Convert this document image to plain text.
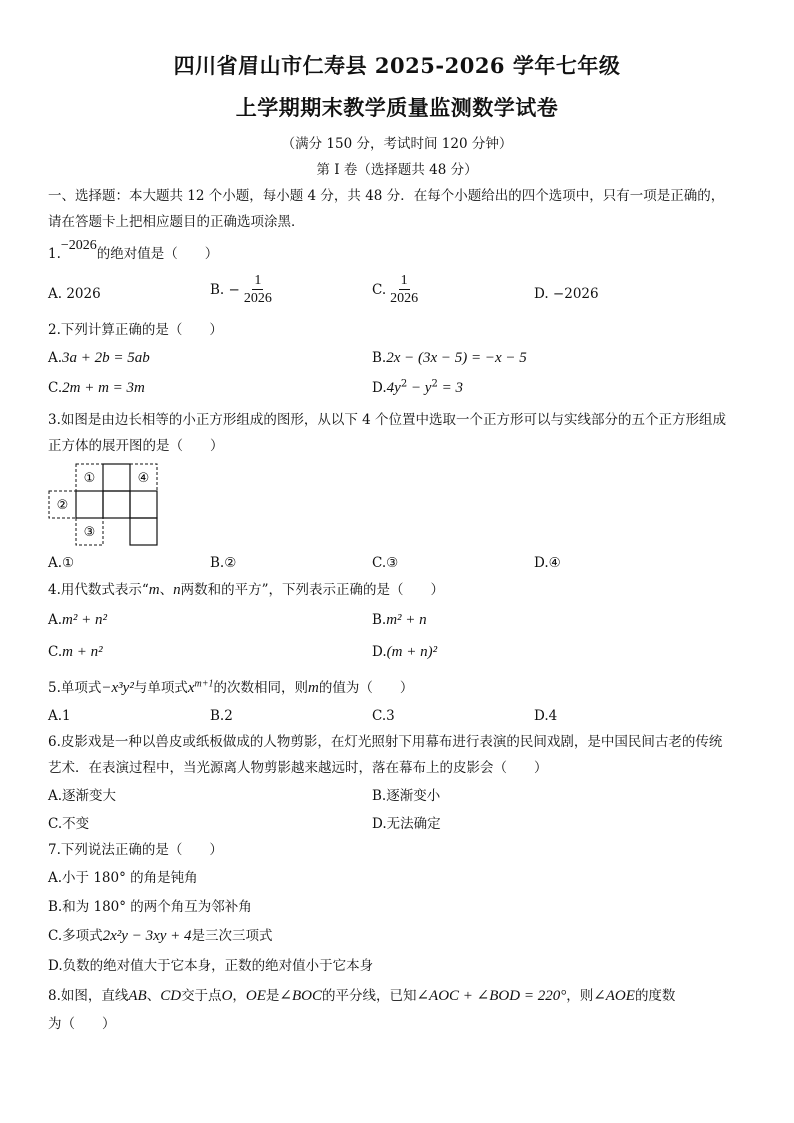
四川省眉山市仁寿县 2025-2026 学年七年级
上学期期末教学质量监测数学试卷
（满分 150 分，考试时间 120 分钟）
第 I 卷（选择题共 48 分）
一、选择题：本大题共 12 个小题，每小题 4 分，共 48 分．在每个小题给出的四个选项中，只有一项是正确的，
请在答题卡上把相应题目的正确选项涂黑．
1.$^{-2026}$的绝对值是（　　）
A. 2026	B. − $\frac{1}{2026}$	C. $\frac{1}{2026}$	D. −2026
2.下列计算正确的是（　　）
A.3a + 2b = 5ab	B.2x − (3x − 5) = −x − 5
C.2m + m = 3m	$D.4y^2 - y^2 = 3$
3.如图是由边长相等的小正方形组成的图形，从以下 4 个位置中选取一个正方形可以与实线部分的五个正方形组成
正方体的展开图的是（　　）
①
②
③
④
A.①	B.②	C.③	D.④
4.用代数式表示“m、n两数和的平方”，下列表示正确的是（　　）
A.m² + n²	B.m² + n
C.m + n²	D.(m + n)²
5.单项式−x³y²与单项式$x^{m+1}$的次数相同，则m的值为（　　）
A.1	B.2	C.3	D.4
6.皮影戏是一种以兽皮或纸板做成的人物剪影，在灯光照射下用幕布进行表演的民间戏剧，是中国民间古老的传统
艺术．在表演过程中，当光源离人物剪影越来越远时，落在幕布上的皮影会（　　）
A.逐渐变大	B.逐渐变小
C.不变	D.无法确定
7.下列说法正确的是（　　）
A.小于 180° 的角是钝角
B.和为 180° 的两个角互为邻补角
C.多项式2x²y − 3xy + 4是三次三项式
D.负数的绝对值大于它本身，正数的绝对值小于它本身
8.如图，直线AB、CD交于点O，OE是∠BOC的平分线，已知∠AOC + ∠BOD = 220°，则∠AOE的度数
为（　　）
